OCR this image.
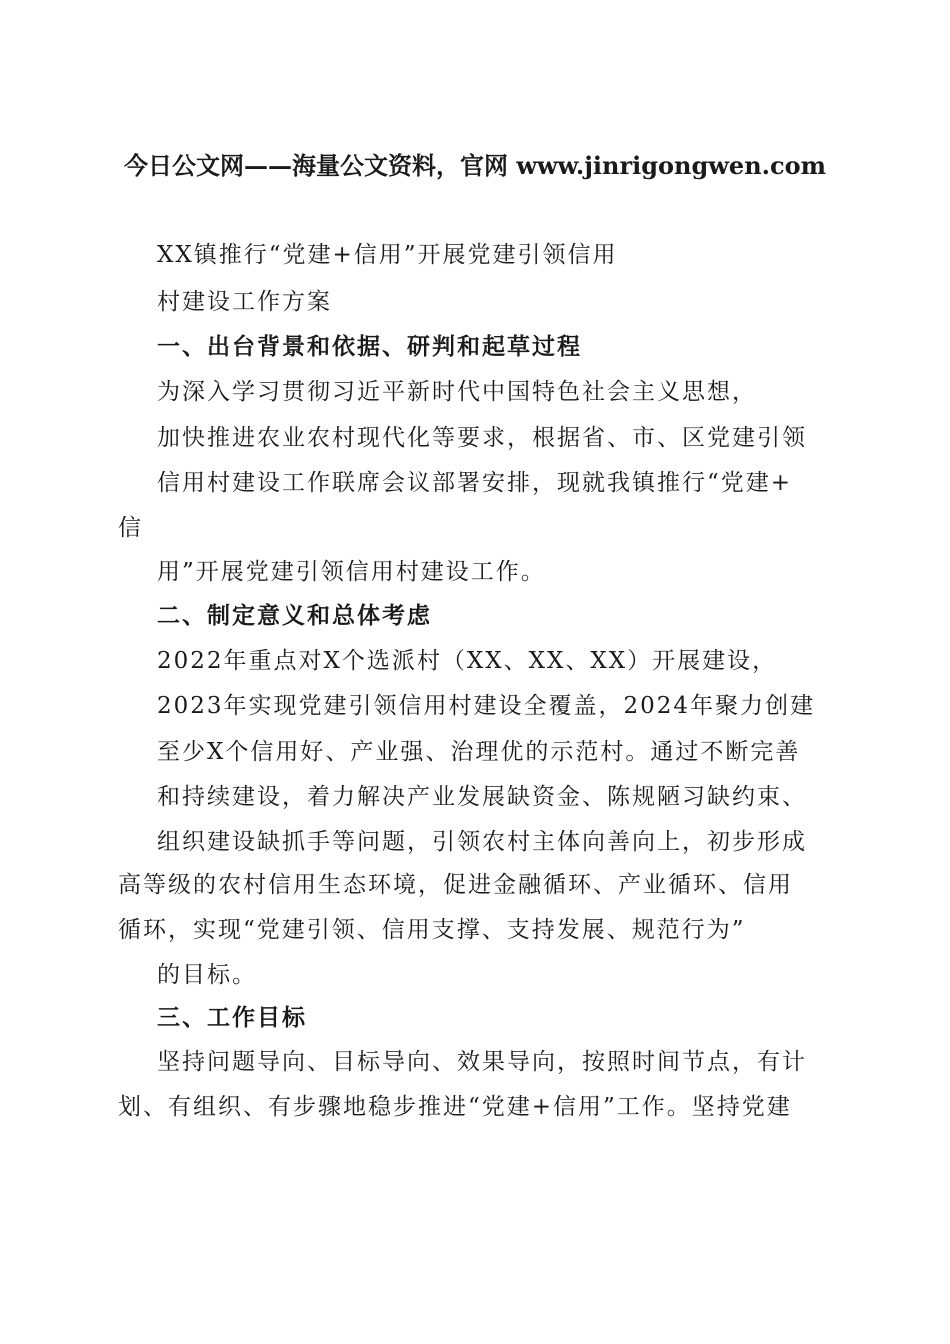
今日公文网——海量公文资料，官网 www.jinrigongwen.com
XX镇推行“党建+信用”开展党建引领信用
村建设工作方案
一、出台背景和依据、研判和起草过程
为深入学习贯彻习近平新时代中国特色社会主义思想，
加快推进农业农村现代化等要求，根据省、市、区党建引领
信用村建设工作联席会议部署安排，现就我镇推行“党建+
信
用”开展党建引领信用村建设工作。
二、制定意义和总体考虑
2022年重点对X个选派村（XX、XX、XX）开展建设，
2023年实现党建引领信用村建设全覆盖，2024年聚力创建
至少X个信用好、产业强、治理优的示范村。通过不断完善
和持续建设，着力解决产业发展缺资金、陈规陋习缺约束、
组织建设缺抓手等问题，引领农村主体向善向上，初步形成
高等级的农村信用生态环境，促进金融循环、产业循环、信用
循环，实现“党建引领、信用支撑、支持发展、规范行为”
的目标。
三、工作目标
坚持问题导向、目标导向、效果导向，按照时间节点，有计
划、有组织、有步骤地稳步推进“党建+信用”工作。坚持党建
